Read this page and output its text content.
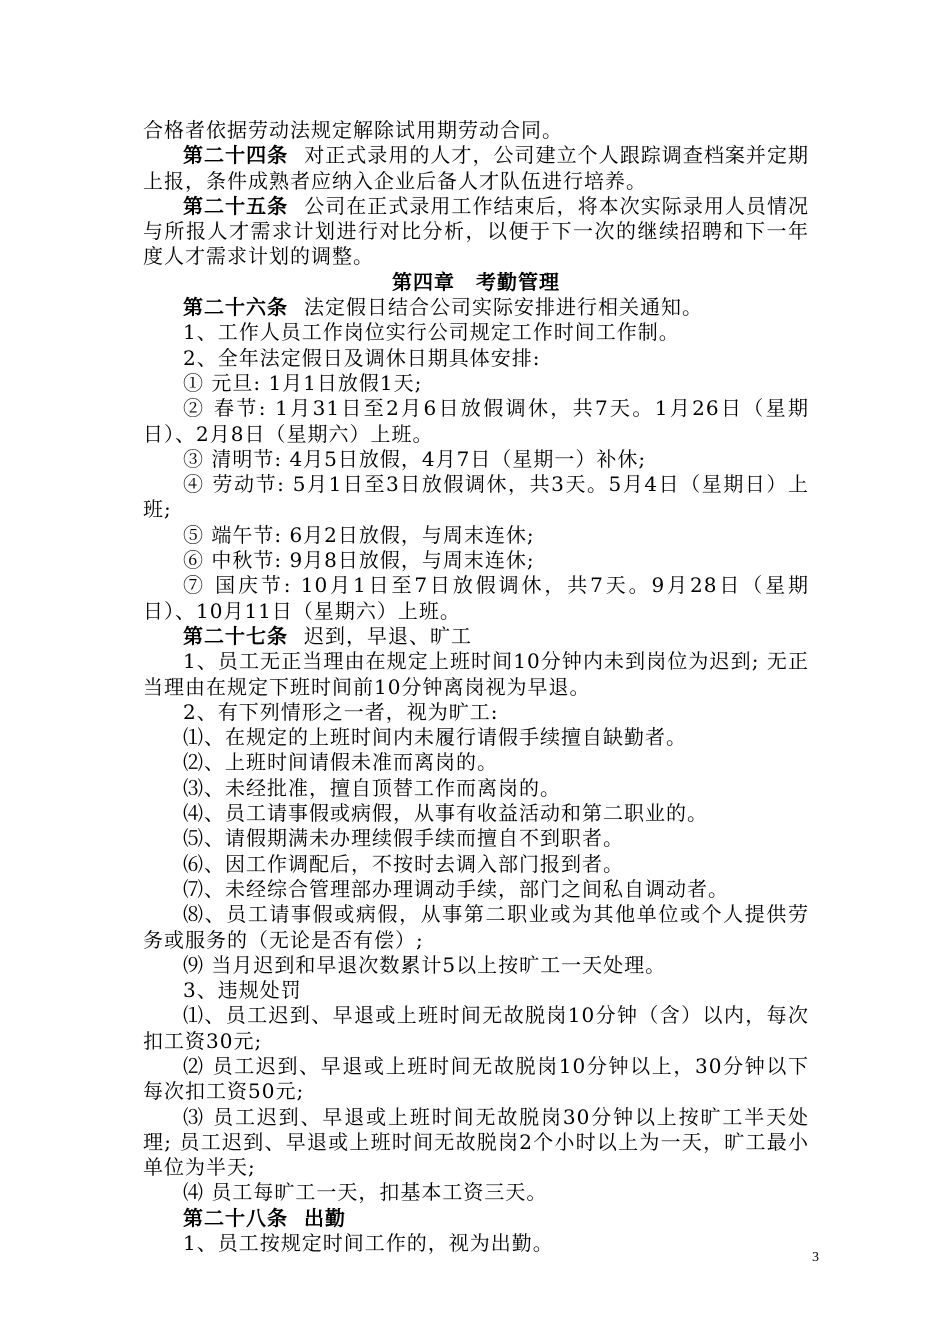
合格者依据劳动法规定解除试用期劳动合同。

第二十四条 对正式录用的人才，公司建立个人跟踪调查档案并定期上报，条件成熟者应纳入企业后备人才队伍进行培养。

第二十五条 公司在正式录用工作结束后，将本次实际录用人员情况与所报人才需求计划进行对比分析，以便于下一次的继续招聘和下一年度人才需求计划的调整。

第四章　考勤管理

第二十六条 法定假日结合公司实际安排进行相关通知。

1、工作人员工作岗位实行公司规定工作时间工作制。

2、全年法定假日及调休日期具体安排:

① 元旦: 1月1日放假1天;

② 春节: 1月31日至2月6日放假调休，共7天。1月26日（星期日）、2月8日（星期六）上班。

③ 清明节: 4月5日放假，4月7日（星期一）补休;

④ 劳动节: 5月1日至3日放假调休，共3天。5月4日（星期日）上班;

⑤ 端午节: 6月2日放假，与周末连休;

⑥ 中秋节: 9月8日放假，与周末连休;

⑦ 国庆节: 10月1日至7日放假调休，共7天。9月28日（星期日）、10月11日（星期六）上班。

第二十七条 迟到，早退、旷工

1、员工无正当理由在规定上班时间10分钟内未到岗位为迟到; 无正当理由在规定下班时间前10分钟离岗视为早退。

2、有下列情形之一者，视为旷工:

⑴、在规定的上班时间内未履行请假手续擅自缺勤者。

⑵、上班时间请假未准而离岗的。

⑶、未经批准，擅自顶替工作而离岗的。

⑷、员工请事假或病假，从事有收益活动和第二职业的。

⑸、请假期满未办理续假手续而擅自不到职者。

⑹、因工作调配后，不按时去调入部门报到者。

⑺、未经综合管理部办理调动手续，部门之间私自调动者。

⑻、员工请事假或病假，从事第二职业或为其他单位或个人提供劳务或服务的（无论是否有偿）;

⑼ 当月迟到和早退次数累计5以上按旷工一天处理。

3、违规处罚

⑴、员工迟到、早退或上班时间无故脱岗10分钟（含）以内，每次扣工资30元;

⑵ 员工迟到、早退或上班时间无故脱岗10分钟以上，30分钟以下每次扣工资50元;

⑶ 员工迟到、早退或上班时间无故脱岗30分钟以上按旷工半天处理; 员工迟到、早退或上班时间无故脱岗2个小时以上为一天，旷工最小单位为半天;

⑷ 员工每旷工一天，扣基本工资三天。

第二十八条 出勤

1、员工按规定时间工作的，视为出勤。

3
